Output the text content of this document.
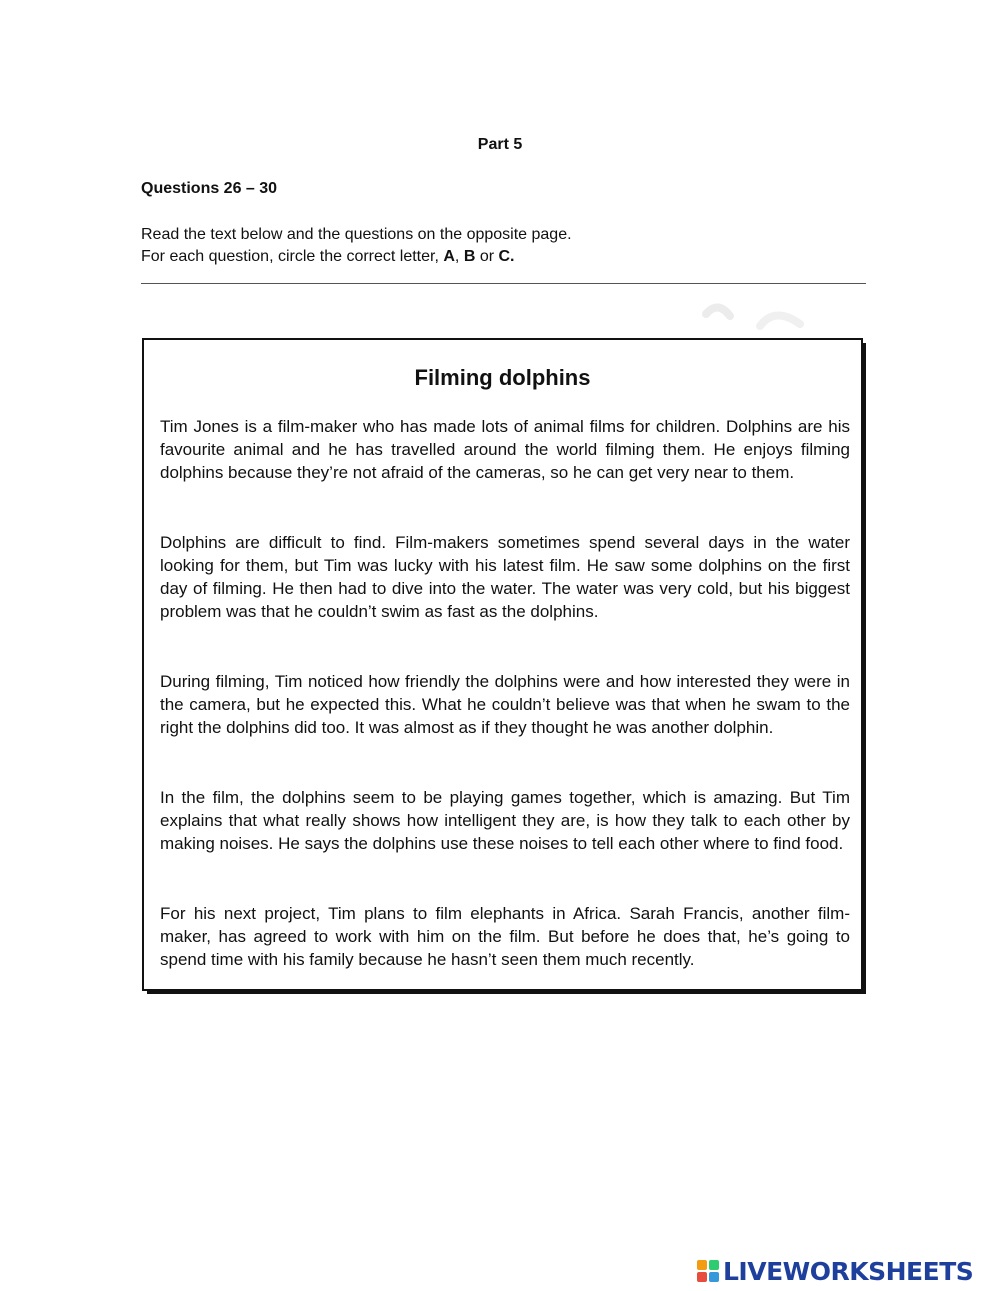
Part 5
Questions 26 – 30
Read the text below and the questions on the opposite page.
For each question, circle the correct letter, A, B or C.
Filming dolphins

Tim Jones is a film-maker who has made lots of animal films for children. Dolphins are his favourite animal and he has travelled around the world filming them. He enjoys filming dolphins because they’re not afraid of the cameras, so he can get very near to them.

Dolphins are difficult to find. Film-makers sometimes spend several days in the water looking for them, but Tim was lucky with his latest film. He saw some dolphins on the first day of filming. He then had to dive into the water. The water was very cold, but his biggest problem was that he couldn’t swim as fast as the dolphins.

During filming, Tim noticed how friendly the dolphins were and how interested they were in the camera, but he expected this. What he couldn’t believe was that when he swam to the right the dolphins did too. It was almost as if they thought he was another dolphin.

In the film, the dolphins seem to be playing games together, which is amazing. But Tim explains that what really shows how intelligent they are, is how they talk to each other by making noises. He says the dolphins use these noises to tell each other where to find food.

For his next project, Tim plans to film elephants in Africa. Sarah Francis, another film-maker, has agreed to work with him on the film. But before he does that, he’s going to spend time with his family because he hasn’t seen them much recently.

LIVEWORKSHEETS
